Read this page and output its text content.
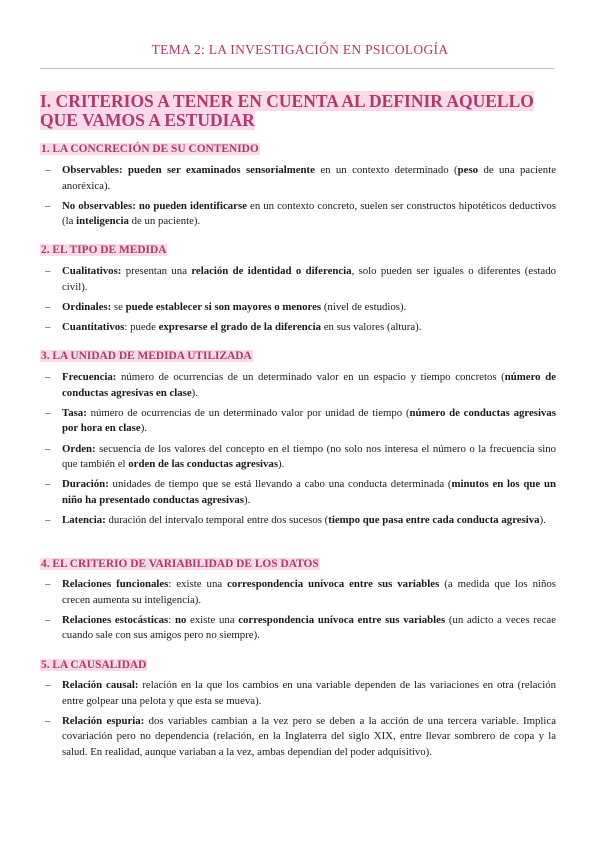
TEMA 2: LA INVESTIGACIÓN EN PSICOLOGÍA
I. CRITERIOS A TENER EN CUENTA AL DEFINIR AQUELLO QUE VAMOS A ESTUDIAR
1. LA CONCRECIÓN DE SU CONTENIDO
– Observables: pueden ser examinados sensorialmente en un contexto determinado (peso de una paciente anoréxica).
– No observables: no pueden identificarse en un contexto concreto, suelen ser constructos hipotéticos deductivos (la inteligencia de un paciente).
2. EL TIPO DE MEDIDA
– Cualitativos: presentan una relación de identidad o diferencia, solo pueden ser iguales o diferentes (estado civil).
– Ordinales: se puede establecer si son mayores o menores (nivel de estudios).
– Cuantitativos: puede expresarse el grado de la diferencia en sus valores (altura).
3. LA UNIDAD DE MEDIDA UTILIZADA
– Frecuencia: número de ocurrencias de un determinado valor en un espacio y tiempo concretos (número de conductas agresivas en clase).
– Tasa: número de ocurrencias de un determinado valor por unidad de tiempo (número de conductas agresivas por hora en clase).
– Orden: secuencia de los valores del concepto en el tiempo (no solo nos interesa el número o la frecuencia sino que también el orden de las conductas agresivas).
– Duración: unidades de tiempo que se está llevando a cabo una conducta determinada (minutos en los que un niño ha presentado conductas agresivas).
– Latencia: duración del intervalo temporal entre dos sucesos (tiempo que pasa entre cada conducta agresiva).
4. EL CRITERIO DE VARIABILIDAD DE LOS DATOS
– Relaciones funcionales: existe una correspondencia unívoca entre sus variables (a medida que los niños crecen aumenta su inteligencia).
– Relaciones estocásticas: no existe una correspondencia unívoca entre sus variables (un adicto a veces recae cuando sale con sus amigos pero no siempre).
5. LA CAUSALIDAD
– Relación causal: relación en la que los cambios en una variable dependen de las variaciones en otra (relación entre golpear una pelota y que esta se mueva).
– Relación espuria: dos variables cambian a la vez pero se deben a la acción de una tercera variable. Implica covariación pero no dependencia (relación, en la Inglaterra del siglo XIX, entre llevar sombrero de copa y la salud. En realidad, aunque variaban a la vez, ambas dependían del poder adquisitivo).
